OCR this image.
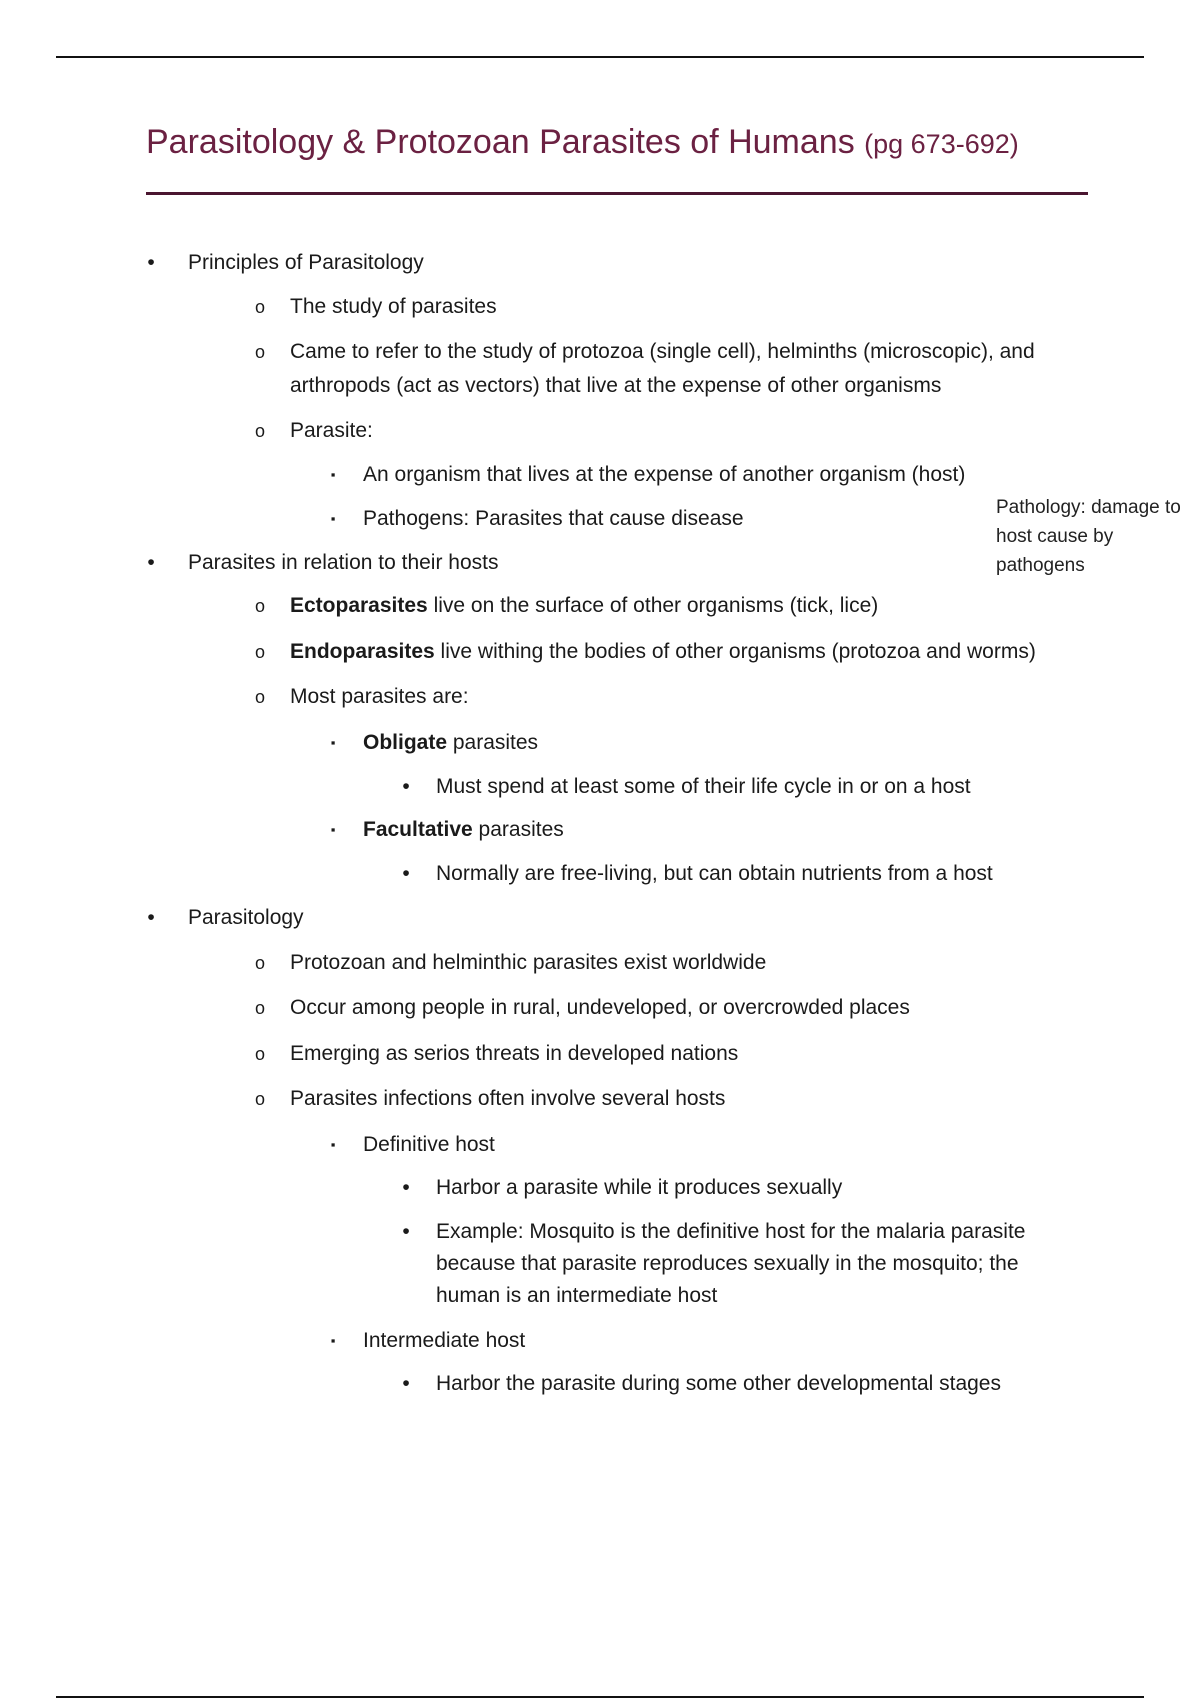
Parasitology & Protozoan Parasites of Humans (pg 673-692)
• Principles of Parasitology
o The study of parasites
o Came to refer to the study of protozoa (single cell), helminths (microscopic), and
arthropods (act as vectors) that live at the expense of other organisms
o Parasite:
▪ An organism that lives at the expense of another organism (host)
▪ Pathogens: Parasites that cause disease
• Parasites in relation to their hosts
o Ectoparasites live on the surface of other organisms (tick, lice)
o Endoparasites live withing the bodies of other organisms (protozoa and worms)
o Most parasites are:
▪ Obligate parasites
• Must spend at least some of their life cycle in or on a host
▪ Facultative parasites
• Normally are free-living, but can obtain nutrients from a host
• Parasitology
o Protozoan and helminthic parasites exist worldwide
o Occur among people in rural, undeveloped, or overcrowded places
o Emerging as serios threats in developed nations
o Parasites infections often involve several hosts
▪ Definitive host
• Harbor a parasite while it produces sexually
• Example: Mosquito is the definitive host for the malaria parasite
because that parasite reproduces sexually in the mosquito; the
human is an intermediate host
▪ Intermediate host
• Harbor the parasite during some other developmental stages
Pathology: damage to
host cause by
pathogens
